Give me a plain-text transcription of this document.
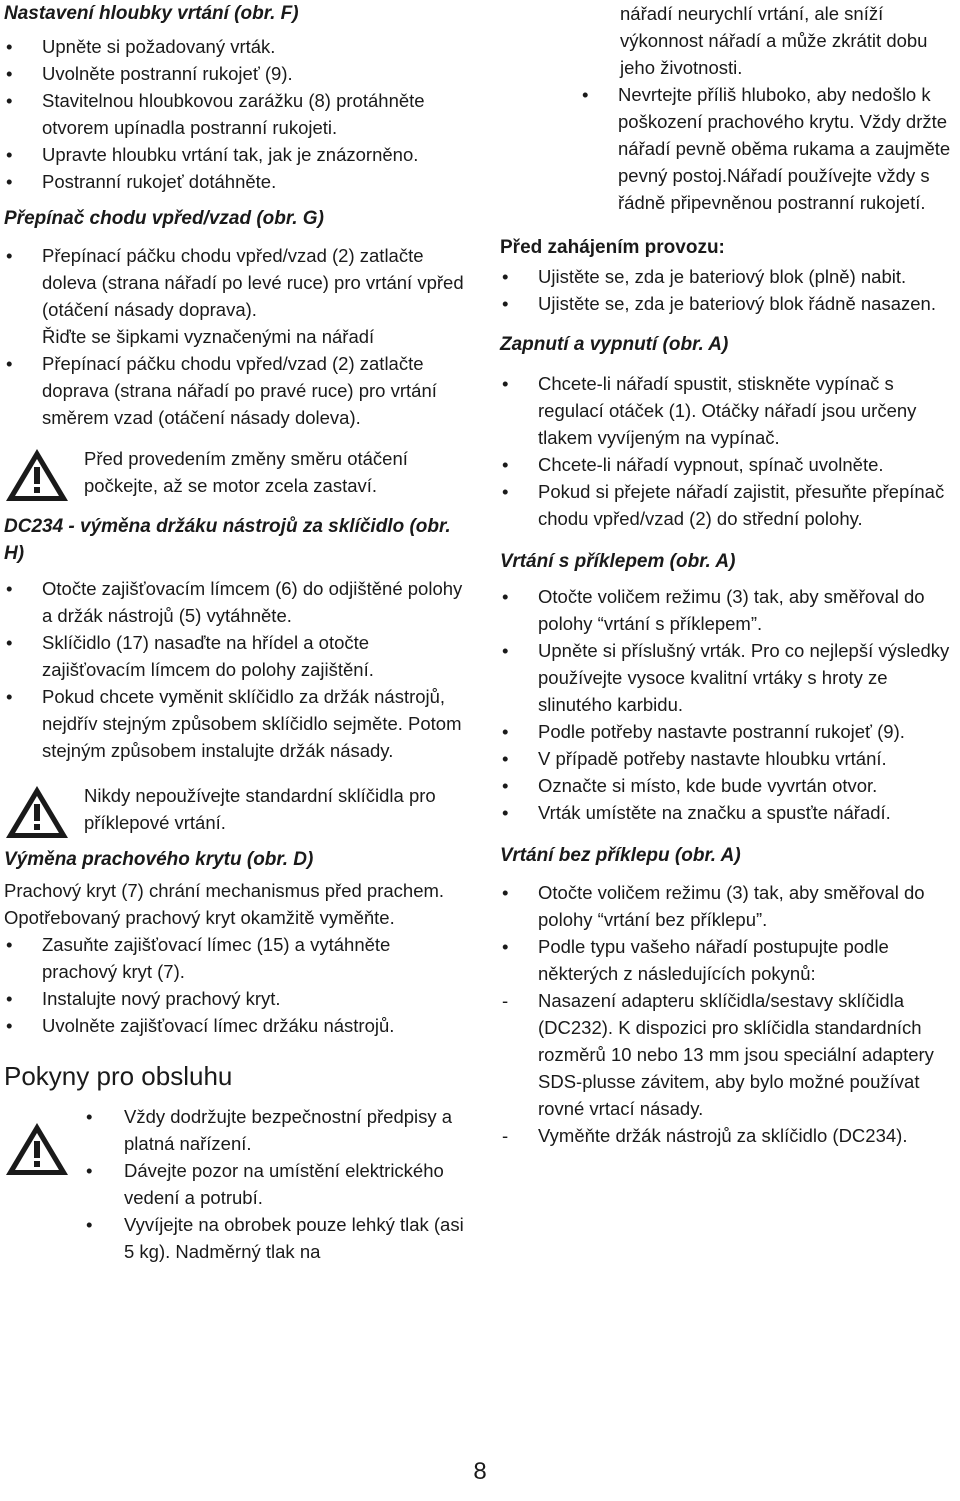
Nastavení hloubky vrtání (obr. F)
• Upněte si požadovaný vrták.
• Uvolněte postranní rukojeť (9).
• Stavitelnou hloubkovou zarážku (8) protáhněte otvorem upínadla postranní rukojeti.
• Upravte hloubku vrtání tak, jak je znázorněno.
• Postranní rukojeť dotáhněte.
Přepínač chodu vpřed/vzad (obr. G)
• Přepínací páčku chodu vpřed/vzad (2) zatlačte doleva (strana nářadí po levé ruce) pro vrtání vpřed (otáčení násady doprava).

Řiďte se šipkami vyznačenými na nářadí

• Přepínací páčku chodu vpřed/vzad (2) zatlačte doprava (strana nářadí po pravé ruce) pro vrtání směrem vzad (otáčení násady doleva).

Před provedením změny směru otáčení počkejte, až se motor zcela zastaví.

DC234 - výměna držáku nástrojů za sklíčidlo (obr. H)
• Otočte zajišťovacím límcem (6) do odjištěné polohy a držák nástrojů (5) vytáhněte.
• Sklíčidlo (17) nasaďte na hřídel a otočte zajišťovacím límcem do polohy zajištění.
• Pokud chcete vyměnit sklíčidlo za držák nástrojů, nejdřív stejným způsobem sklíčidlo sejměte. Potom stejným způsobem instalujte držák násady.

Nikdy nepoužívejte standardní sklíčidla pro příklepové vrtání.

Výměna prachového krytu (obr. D)

Prachový kryt (7) chrání mechanismus před prachem. Opotřebovaný prachový kryt okamžitě vyměňte.

• Zasuňte zajišťovací límec (15) a vytáhněte prachový kryt (7).
• Instalujte nový prachový kryt.
• Uvolněte zajišťovací límec držáku nástrojů.
Pokyny pro obsluhu
• Vždy dodržujte bezpečnostní předpisy a platná nařízení.
• Dávejte pozor na umístění elektrického vedení a potrubí.
• Vyvíjejte na obrobek pouze lehký tlak (asi 5 kg). Nadměrný tlak na

nářadí neurychlí vrtání, ale sníží výkonnost nářadí a může zkrátit dobu jeho životnosti.

• Nevrtejte příliš hluboko, aby nedošlo k poškození prachového krytu. Vždy držte nářadí pevně oběma rukama a zaujměte pevný postoj.Nářadí používejte vždy s řádně připevněnou postranní rukojetí.
Před zahájením provozu:
• Ujistěte se, zda je bateriový blok (plně) nabit.
• Ujistěte se, zda je bateriový blok řádně nasazen.
Zapnutí a vypnutí (obr. A)
• Chcete-li nářadí spustit, stiskněte vypínač s regulací otáček (1). Otáčky nářadí jsou určeny tlakem vyvíjeným na vypínač.
• Chcete-li nářadí vypnout, spínač uvolněte.
• Pokud si přejete nářadí zajistit, přesuňte přepínač chodu vpřed/vzad (2) do střední polohy.
Vrtání s příklepem (obr. A)
• Otočte voličem režimu (3) tak, aby směřoval do polohy “vrtání s příklepem”.
• Upněte si příslušný vrták. Pro co nejlepší výsledky používejte vysoce kvalitní vrtáky s hroty ze slinutého karbidu.
• Podle potřeby nastavte postranní rukojeť (9).
• V případě potřeby nastavte hloubku vrtání.
• Označte si místo, kde bude vyvrtán otvor.
• Vrták umístěte na značku a spusťte nářadí.
Vrtání bez příklepu (obr. A)
• Otočte voličem režimu (3) tak, aby směřoval do polohy “vrtání bez příklepu”.
• Podle typu vašeho nářadí postupujte podle některých z následujících pokynů:
- Nasazení adapteru sklíčidla/sestavy sklíčidla (DC232). K dispozici pro sklíčidla standardních rozměrů 10 nebo 13 mm jsou speciální adaptery SDS-plusse závitem, aby bylo možné používat rovné vrtací násady.
- Vyměňte držák nástrojů za sklíčidlo (DC234).
8
